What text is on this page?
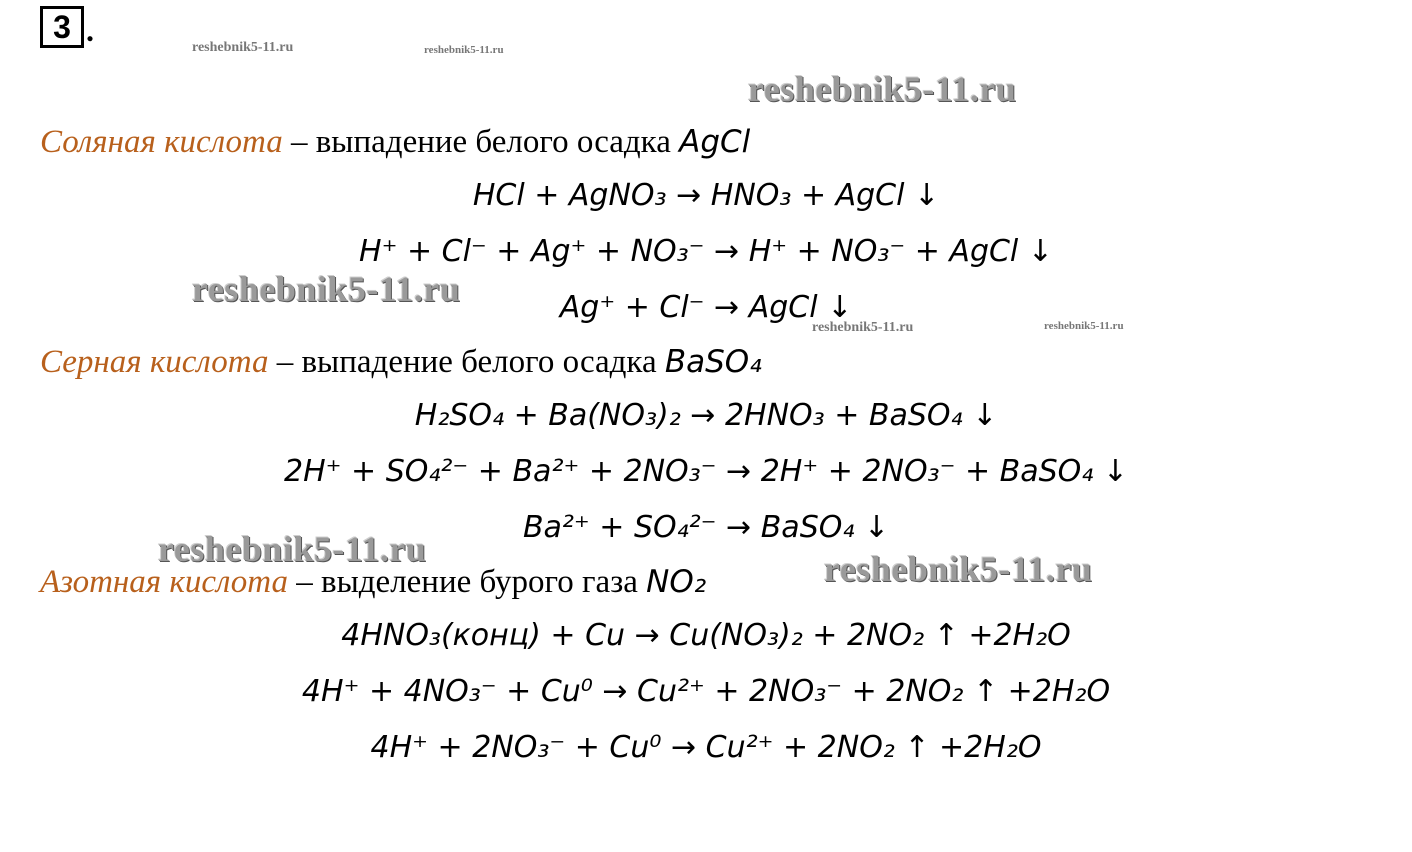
3 .	reshebnik5-11.ru	reshebnik5-11.ru
reshebnik5-11.ru
reshebnik5-11.ru
reshebnik5-11.ru	reshebnik5-11.ru
reshebnik5-11.ru	reshebnik5-11.ru
Соляная кислота – выпадение белого осадка AgCl
HCl + AgNO₃ → HNO₃ + AgCl ↓
H⁺ + Cl⁻ + Ag⁺ + NO₃⁻ → H⁺ + NO₃⁻ + AgCl ↓
Ag⁺ + Cl⁻ → AgCl ↓
Серная кислота – выпадение белого осадка BaSO₄
H₂SO₄ + Ba(NO₃)₂ → 2HNO₃ + BaSO₄ ↓
2H⁺ + SO₄²⁻ + Ba²⁺ + 2NO₃⁻ → 2H⁺ + 2NO₃⁻ + BaSO₄ ↓
Ba²⁺ + SO₄²⁻ → BaSO₄ ↓
Азотная кислота – выделение бурого газа NO₂
4HNO₃(конц) + Cu → Cu(NO₃)₂ + 2NO₂ ↑ +2H₂O
4H⁺ + 4NO₃⁻ + Cu⁰ → Cu²⁺ + 2NO₃⁻ + 2NO₂ ↑ +2H₂O
4H⁺ + 2NO₃⁻ + Cu⁰ → Cu²⁺ + 2NO₂ ↑ +2H₂O
